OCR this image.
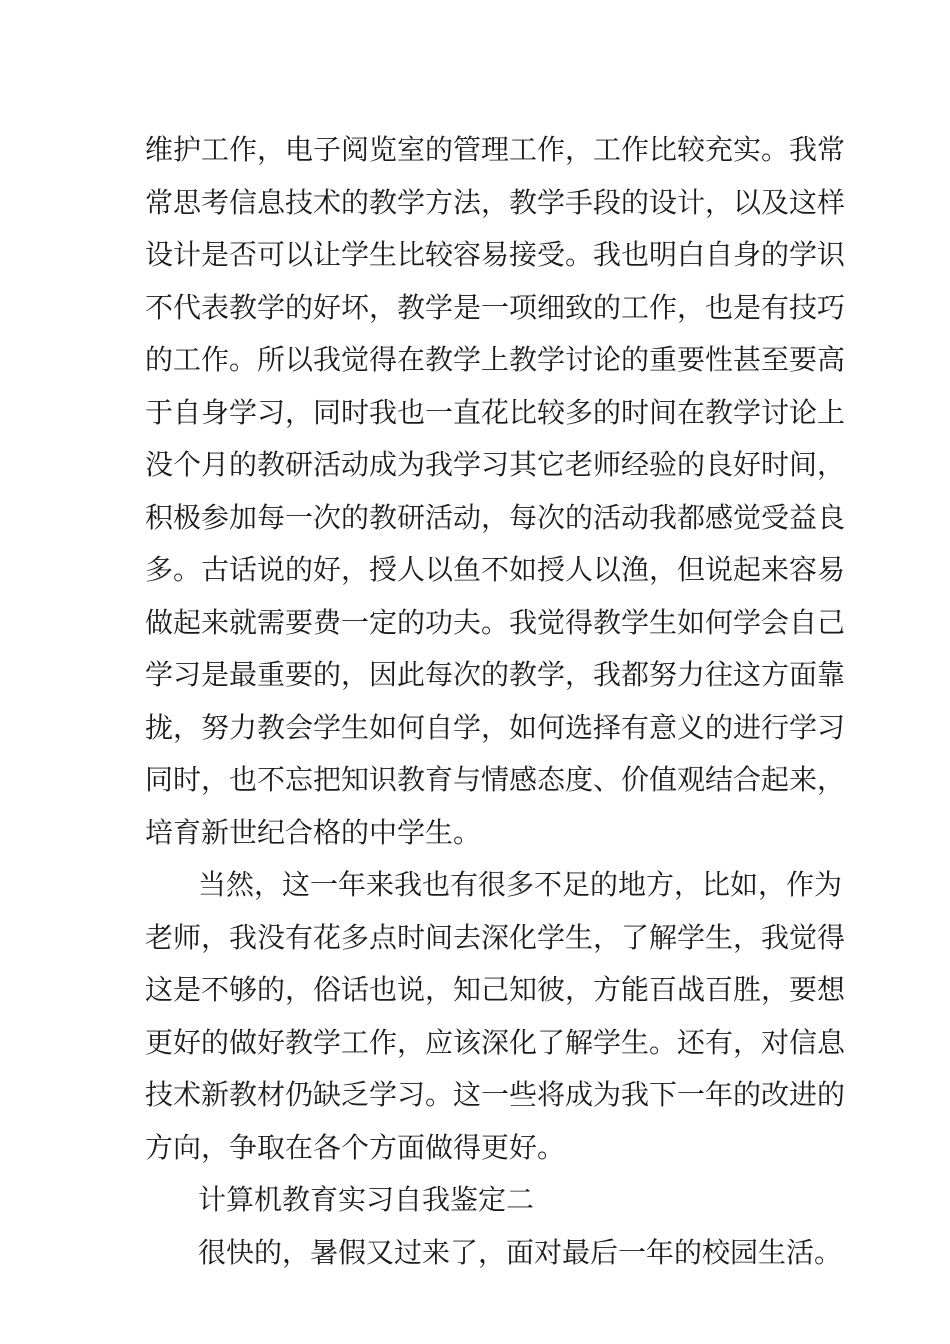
维护工作，电子阅览室的管理工作，工作比较充实。我常
常思考信息技术的教学方法，教学手段的设计，以及这样
设计是否可以让学生比较容易接受。我也明白自身的学识
不代表教学的好坏，教学是一项细致的工作，也是有技巧
的工作。所以我觉得在教学上教学讨论的重要性甚至要高
于自身学习，同时我也一直花比较多的时间在教学讨论上
没个月的教研活动成为我学习其它老师经验的良好时间，
积极参加每一次的教研活动，每次的活动我都感觉受益良
多。古话说的好，授人以鱼不如授人以渔，但说起来容易
做起来就需要费一定的功夫。我觉得教学生如何学会自己
学习是最重要的，因此每次的教学，我都努力往这方面靠
拢，努力教会学生如何自学，如何选择有意义的进行学习
同时，也不忘把知识教育与情感态度、价值观结合起来，
培育新世纪合格的中学生。
当然，这一年来我也有很多不足的地方，比如，作为
老师，我没有花多点时间去深化学生，了解学生，我觉得
这是不够的，俗话也说，知己知彼，方能百战百胜，要想
更好的做好教学工作，应该深化了解学生。还有，对信息
技术新教材仍缺乏学习。这一些将成为我下一年的改进的
方向，争取在各个方面做得更好。
计算机教育实习自我鉴定二
很快的，暑假又过来了，面对最后一年的校园生活。
